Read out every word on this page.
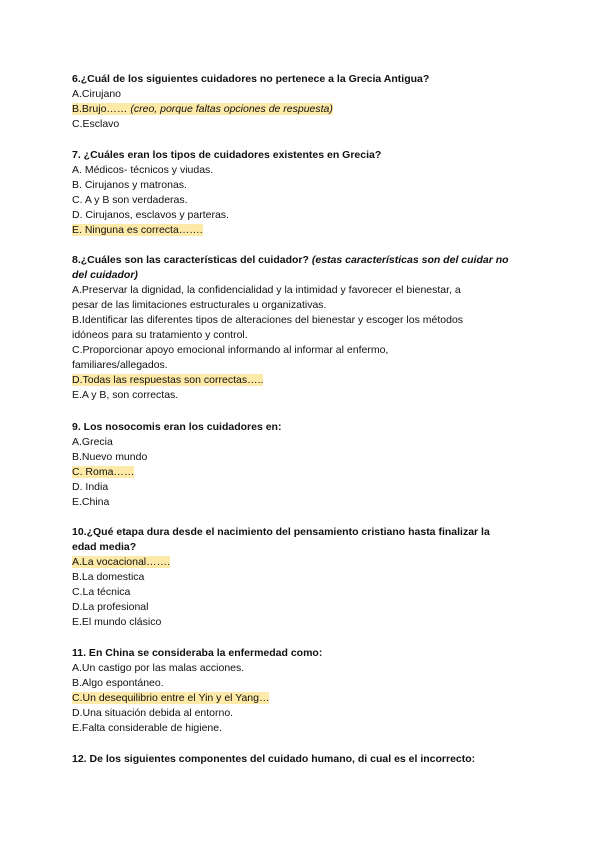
6.¿Cuál de los siguientes cuidadores no pertenece a la Grecia Antigua?

A.Cirujano

B.Brujo…… (creo, porque faltas opciones de respuesta)

C.Esclavo

7. ¿Cuáles eran los tipos de cuidadores existentes en Grecia?

A. Médicos- técnicos y viudas.

B. Cirujanos y matronas.

C. A y B son verdaderas.

D. Cirujanos, esclavos y parteras.

E. Ninguna es correcta…….

8.¿Cuáles son las características del cuidador? (estas características son del cuidar no del cuidador)

A.Preservar la dignidad, la confidencialidad y la intimidad y favorecer el bienestar, a

pesar de las limitaciones estructurales u organizativas.

B.Identificar las diferentes tipos de alteraciones del bienestar y escoger los métodos

idóneos para su tratamiento y control.

C.Proporcionar apoyo emocional informando al informar al enfermo,

familiares/allegados.

D.Todas las respuestas son correctas…..

E.A y B, son correctas.

9. Los nosocomis eran los cuidadores en:

A.Grecia

B.Nuevo mundo

C. Roma……

D. India

E.China

10.¿Qué etapa dura desde el nacimiento del pensamiento cristiano hasta finalizar la

edad media?

A.La vocacional…….

B.La domestica

C.La técnica

D.La profesional

E.El mundo clásico

11. En China se consideraba la enfermedad como:

A.Un castigo por las malas acciones.

B.Algo espontáneo.

C.Un desequilibrio entre el Yin y el Yang…

D.Una situación debida al entorno.

E.Falta considerable de higiene.

12. De los siguientes componentes del cuidado humano, di cual es el incorrecto:
